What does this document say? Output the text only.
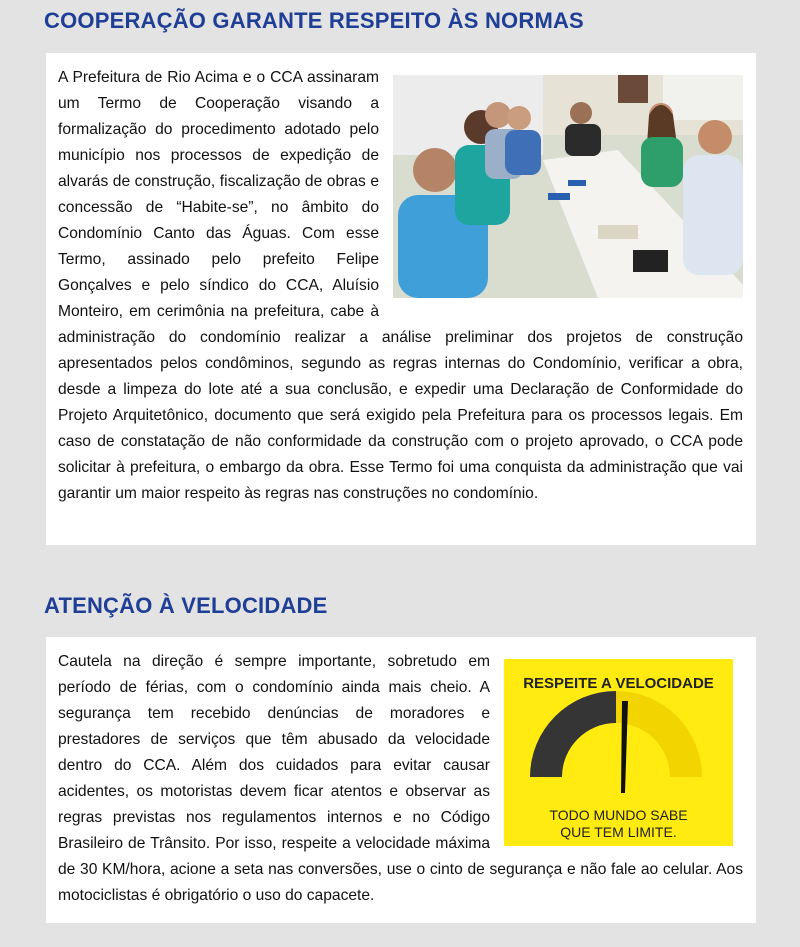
COOPERAÇÃO GARANTE RESPEITO ÀS NORMAS

A Prefeitura de Rio Acima e o CCA assinaram um Termo de Cooperação visando a formalização do procedimento adotado pelo município nos processos de expedição de alvarás de construção, fiscalização de obras e concessão de “Habite-se”, no âmbito do Condomínio Canto das Águas. Com esse Termo, assinado pelo prefeito Felipe Gonçalves e pelo síndico do CCA, Aluísio Monteiro, em cerimônia na prefeitura, cabe à administração do condomínio realizar a análise preliminar dos projetos de construção apresentados pelos condôminos, segundo as regras internas do Condomínio, verificar a obra, desde a limpeza do lote até a sua conclusão, e expedir uma Declaração de Conformidade do Projeto Arquitetônico, documento que será exigido pela Prefeitura para os processos legais. Em caso de constatação de não conformidade da construção com o projeto aprovado, o CCA pode solicitar à prefeitura, o embargo da obra. Esse Termo foi uma conquista da administração que vai garantir um maior respeito às regras nas construções no condomínio.

ATENÇÃO À VELOCIDADE
RESPEITE A VELOCIDADE
TODO MUNDO SABE
QUE TEM LIMITE.

Cautela na direção é sempre importante, sobretudo em período de férias, com o condomínio ainda mais cheio. A segurança tem recebido denúncias de moradores e prestadores de serviços que têm abusado da velocidade dentro do CCA. Além dos cuidados para evitar causar acidentes, os motoristas devem ficar atentos e observar as regras previstas nos regulamentos internos e no Código Brasileiro de Trânsito. Por isso, respeite a velocidade máxima de 30 KM/hora, acione a seta nas conversões, use o cinto de segurança e não fale ao celular. Aos motociclistas é obrigatório o uso do capacete.
